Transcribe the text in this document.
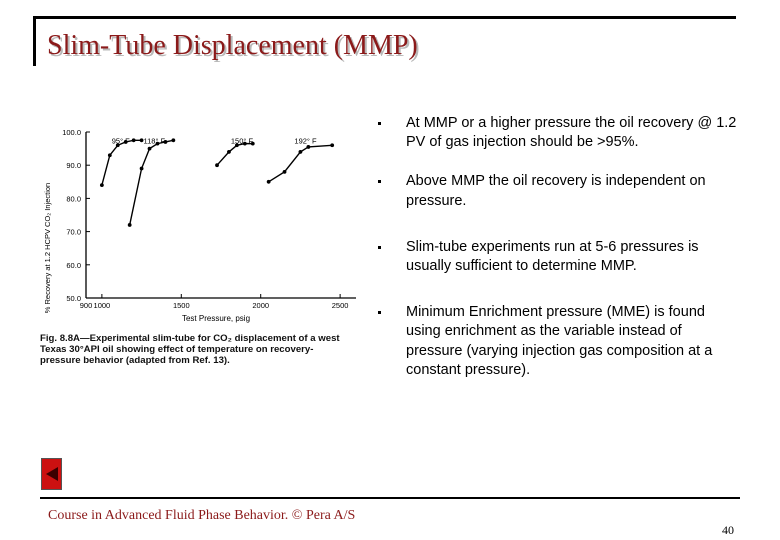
Slim-Tube Displacement (MMP)
% Recovery at 1.2 HCPV CO₂ Injection
Test Pressure, psig
100.0
90.0
80.0
70.0
60.0
50.0
900 1000	1500	2000	2500
95° F 118° F	150° F	192° F
Fig. 8.8A—Experimental slim-tube for CO₂ displacement of a west Texas 30°API oil showing effect of temperature on recovery-pressure behavior (adapted from Ref. 13).
At MMP or a higher pressure the oil recovery @ 1.2 PV of gas injection should be >95%.
Above MMP the oil recovery is independent on pressure.
Slim-tube experiments run at 5-6 pressures is usually sufficient to determine MMP.
Minimum Enrichment pressure (MME) is found using enrichment as the variable instead of pressure (varying injection gas composition at a constant pressure).
Course in Advanced Fluid Phase Behavior. © Pera A/S
40
